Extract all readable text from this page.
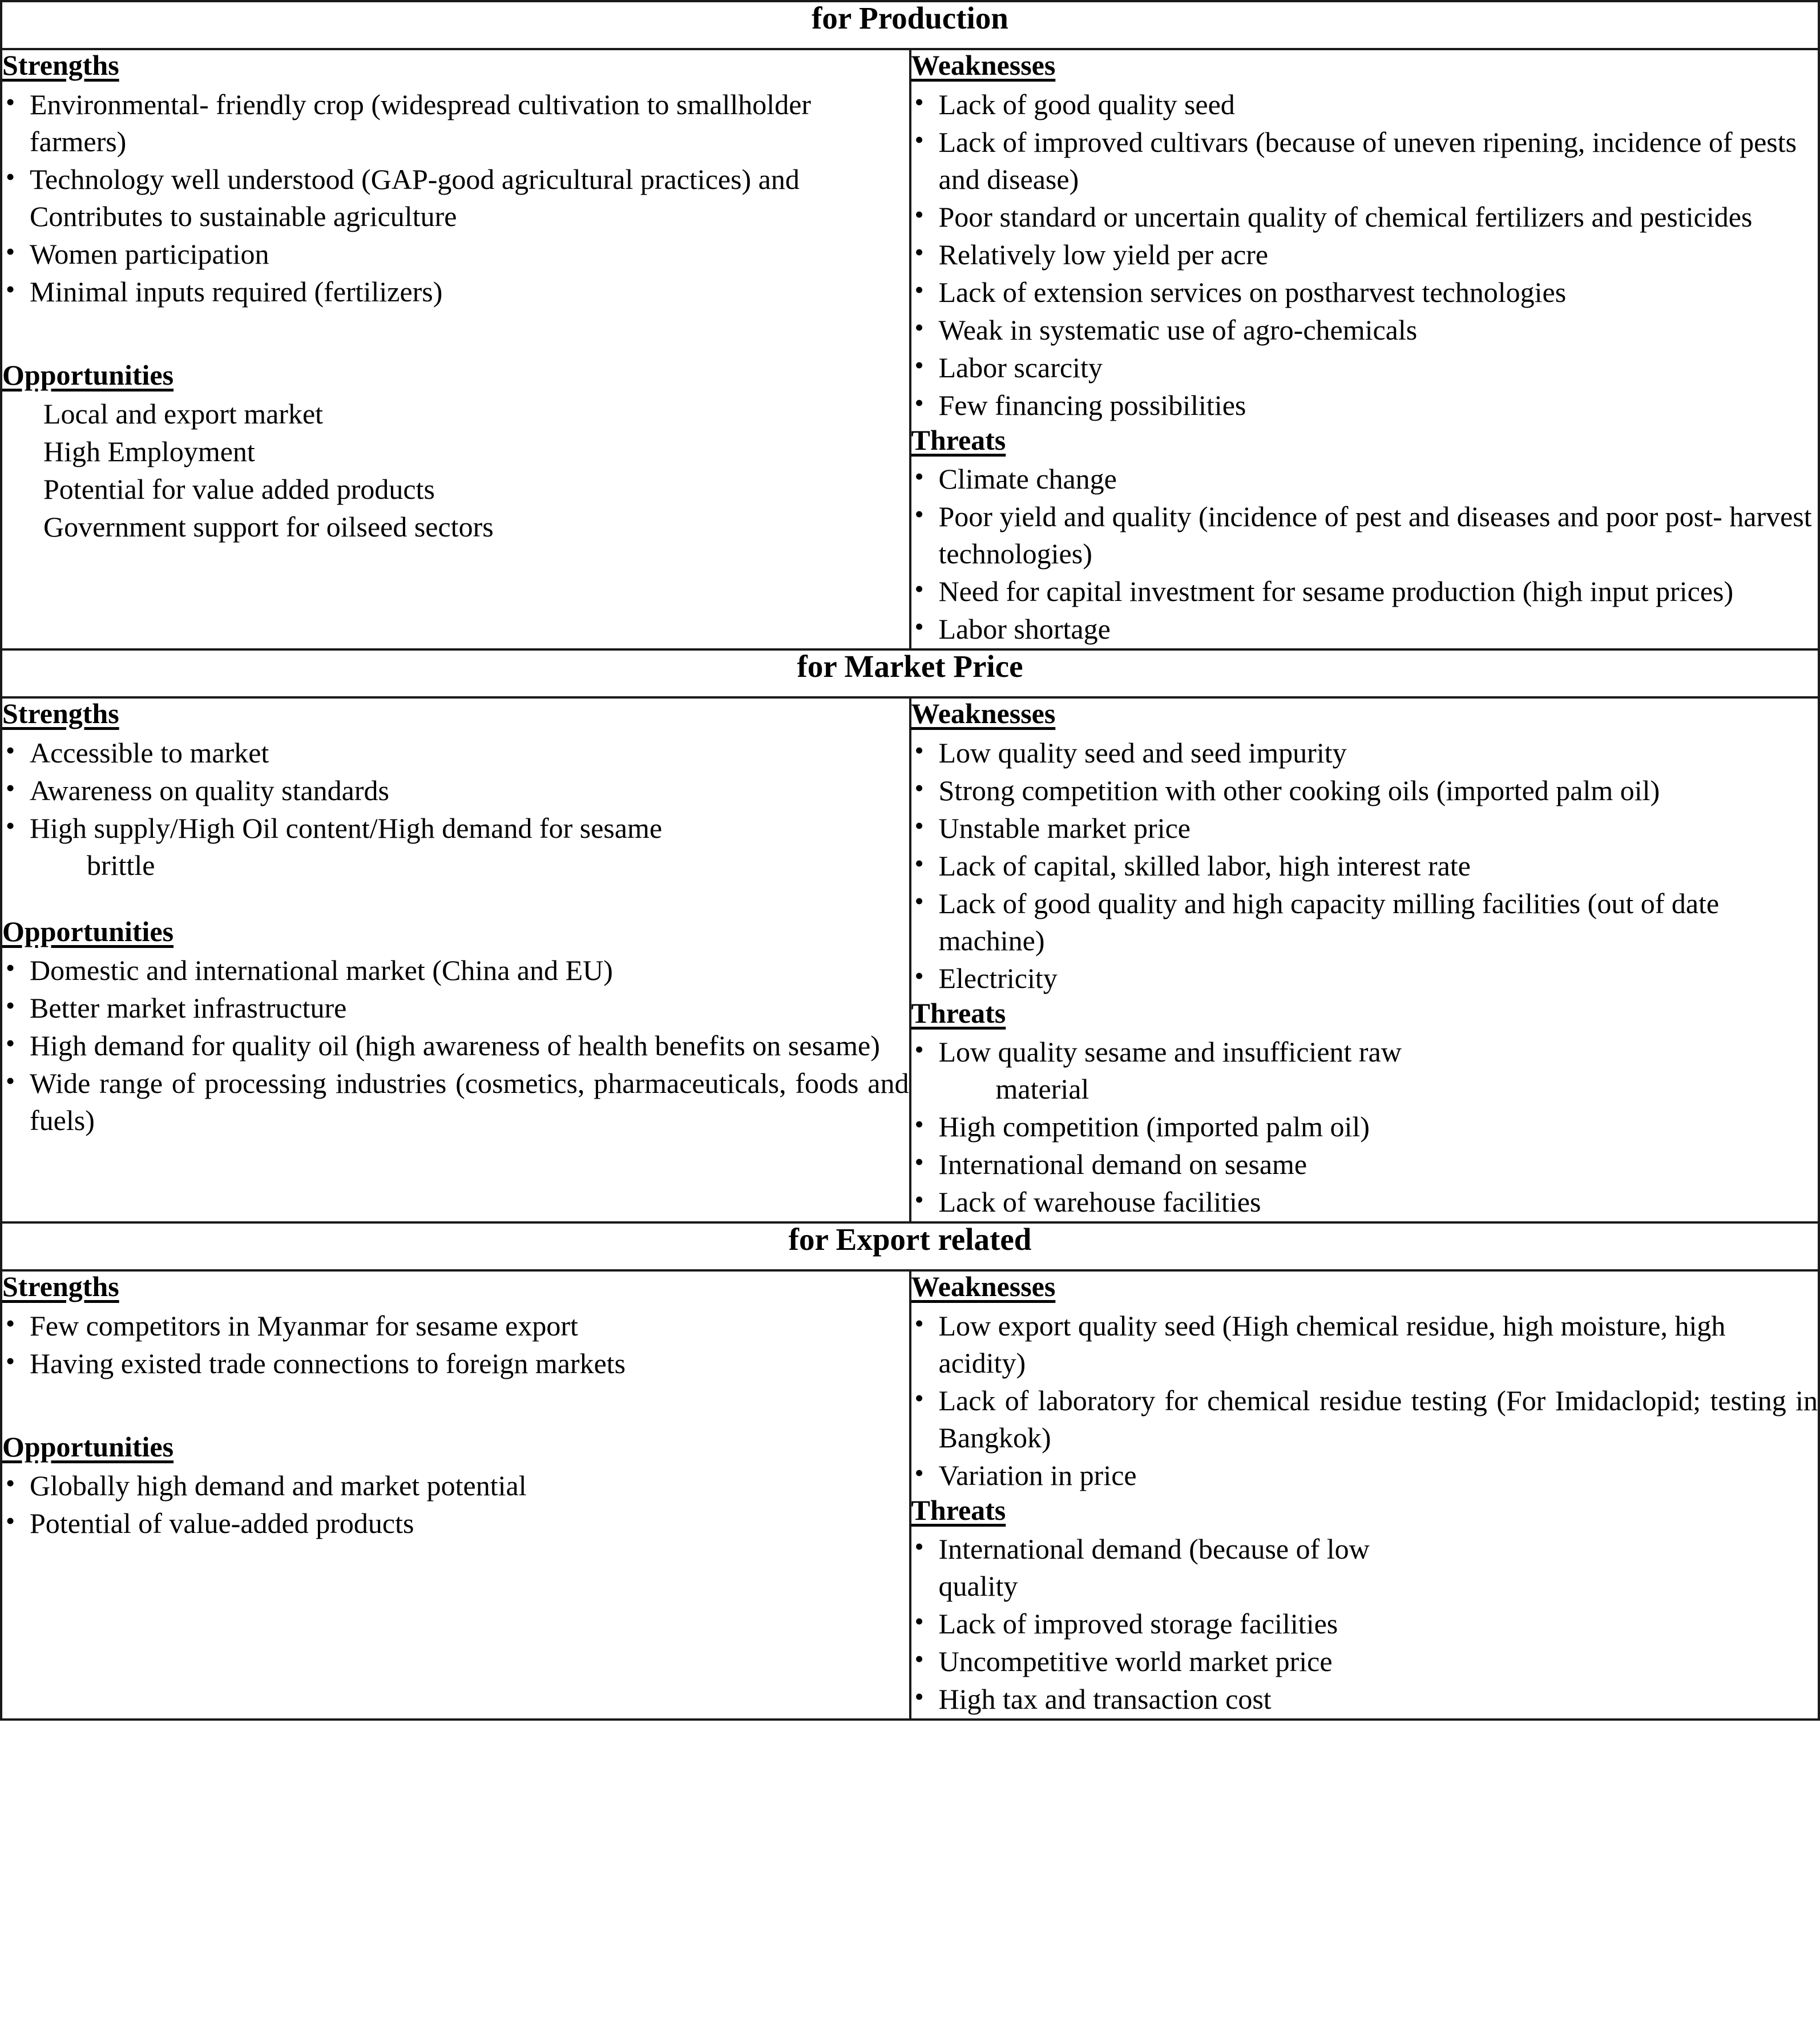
for Production	

Strengths
• Environmental- friendly crop (widespread cultivation to smallholder farmers)
• Technology well understood (GAP-good agricultural practices) and Contributes to sustainable agriculture
• Women participation
• Minimal inputs required (fertilizers)
Opportunities
• Local and export market
• High Employment
• Potential for value added products
• Government support for oilseed sectors

Weaknesses
• Lack of good quality seed
• Lack of improved cultivars (because of uneven ripening, incidence of pests and disease)
• Poor standard or uncertain quality of chemical fertilizers and pesticides
• Relatively low yield per acre
• Lack of extension services on postharvest technologies
• Weak in systematic use of agro-chemicals
• Labor scarcity
• Few financing possibilities
Threats
• Climate change
• Poor yield and quality (incidence of pest and diseases and poor post- harvest technologies)
• Need for capital investment for sesame production (high input prices)
• Labor shortage

for Market Price	

Strengths
• Accessible to market
• Awareness on quality standards
• High supply/High Oil content/High demand for sesame
brittle
Opportunities
• Domestic and international market (China and EU)
• Better market infrastructure
• High demand for quality oil (high awareness of health benefits on sesame)
• Wide range of processing industries (cosmetics, pharmaceuticals, foods and fuels)

Weaknesses
• Low quality seed and seed impurity
• Strong competition with other cooking oils (imported palm oil)
• Unstable market price
• Lack of capital, skilled labor, high interest rate
• Lack of good quality and high capacity milling facilities (out of date machine)
• Electricity
Threats
• Low quality sesame and insufficient raw
material
• High competition (imported palm oil)
• International demand on sesame
• Lack of warehouse facilities

for Export related	

Strengths
• Few competitors in Myanmar for sesame export
• Having existed trade connections to foreign markets
Opportunities
• Globally high demand and market potential
• Potential of value-added products

Weaknesses
• Low export quality seed (High chemical residue, high moisture, high acidity)
• Lack of laboratory for chemical residue testing (For Imidaclopid; testing in Bangkok)
• Variation in price
Threats
• International demand (because of low
quality
• Lack of improved storage facilities
• Uncompetitive world market price
• High tax and transaction cost
